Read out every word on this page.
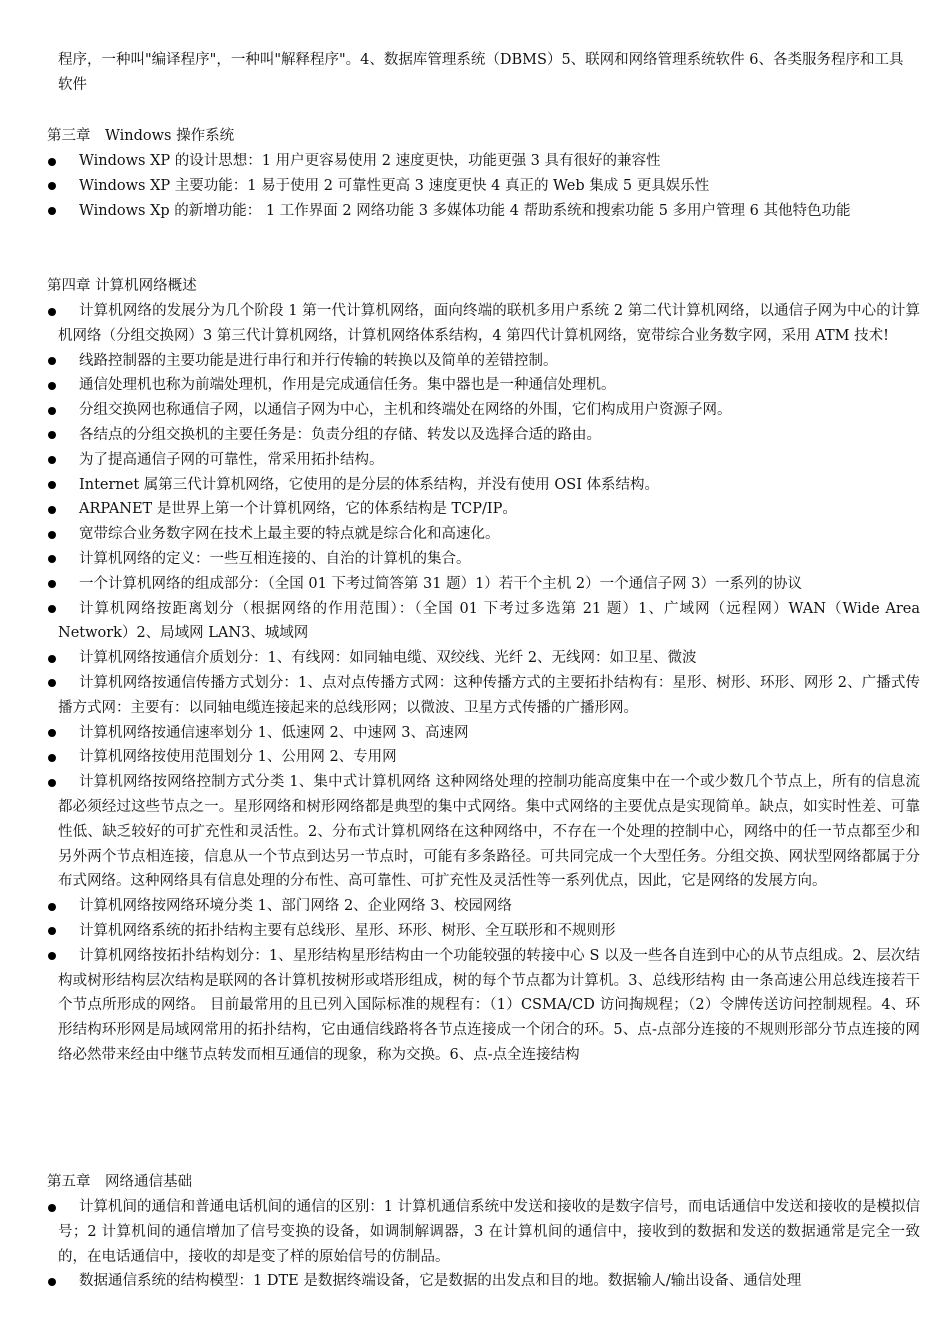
程序，一种叫"编译程序"，一种叫"解释程序"。4、数据库管理系统（DBMS）5、联网和网络管理系统软件 6、各类服务程序和工具软件

第三章　Windows 操作系统

Windows XP 的设计思想：1 用户更容易使用 2 速度更快，功能更强 3 具有很好的兼容性
Windows XP 主要功能：1 易于使用 2 可靠性更高 3 速度更快 4 真正的 Web 集成 5 更具娱乐性
Windows Xp 的新增功能： 1 工作界面 2 网络功能 3 多媒体功能 4 帮助系统和搜索功能 5 多用户管理 6 其他特色功能

第四章 计算机网络概述

计算机网络的发展分为几个阶段 1 第一代计算机网络，面向终端的联机多用户系统 2 第二代计算机网络，以通信子网为中心的计算机网络（分组交换网）3 第三代计算机网络，计算机网络体系结构，4 第四代计算机网络，宽带综合业务数字网，采用 ATM 技术!
线路控制器的主要功能是进行串行和并行传输的转换以及简单的差错控制。
通信处理机也称为前端处理机，作用是完成通信任务。集中器也是一种通信处理机。
分组交换网也称通信子网，以通信子网为中心，主机和终端处在网络的外围，它们构成用户资源子网。
各结点的分组交换机的主要任务是：负责分组的存储、转发以及选择合适的路由。
为了提高通信子网的可靠性，常采用拓扑结构。
Internet 属第三代计算机网络，它使用的是分层的体系结构，并没有使用 OSI 体系结构。
ARPANET 是世界上第一个计算机网络，它的体系结构是 TCP/IP。
宽带综合业务数字网在技术上最主要的特点就是综合化和高速化。
计算机网络的定义：一些互相连接的、自治的计算机的集合。
一个计算机网络的组成部分：（全国 01 下考过简答第 31 题）1）若干个主机 2）一个通信子网 3）一系列的协议
计算机网络按距离划分（根据网络的作用范围）：（全国 01 下考过多选第 21 题）1、广域网（远程网）WAN（Wide Area Network）2、局域网 LAN3、城域网
计算机网络按通信介质划分：1、有线网：如同轴电缆、双绞线、光纤 2、无线网：如卫星、微波
计算机网络按通信传播方式划分：1、点对点传播方式网：这种传播方式的主要拓扑结构有：星形、树形、环形、网形 2、广播式传播方式网：主要有：以同轴电缆连接起来的总线形网；以微波、卫星方式传播的广播形网。
计算机网络按通信速率划分 1、低速网 2、中速网 3、高速网
计算机网络按使用范围划分 1、公用网 2、专用网
计算机网络按网络控制方式分类 1、集中式计算机网络 这种网络处理的控制功能高度集中在一个或少数几个节点上，所有的信息流都必须经过这些节点之一。星形网络和树形网络都是典型的集中式网络。集中式网络的主要优点是实现简单。缺点，如实时性差、可靠性低、缺乏较好的可扩充性和灵活性。2、分布式计算机网络在这种网络中，不存在一个处理的控制中心，网络中的任一节点都至少和另外两个节点相连接，信息从一个节点到达另一节点时，可能有多条路径。可共同完成一个大型任务。分组交换、网状型网络都属于分布式网络。这种网络具有信息处理的分布性、高可靠性、可扩充性及灵活性等一系列优点，因此，它是网络的发展方向。
计算机网络按网络环境分类 1、部门网络 2、企业网络 3、校园网络
计算机网络系统的拓扑结构主要有总线形、星形、环形、树形、全互联形和不规则形
计算机网络按拓扑结构划分：1、星形结构星形结构由一个功能较强的转接中心 S 以及一些各自连到中心的从节点组成。2、层次结构或树形结构层次结构是联网的各计算机按树形或塔形组成，树的每个节点都为计算机。3、总线形结构 由一条高速公用总线连接若干个节点所形成的网络。 目前最常用的且已列入国际标准的规程有：（1）CSMA/CD 访问掏规程；（2）令牌传送访问控制规程。4、环形结构环形网是局域网常用的拓扑结构，它由通信线路将各节点连接成一个闭合的环。5、点-点部分连接的不规则形部分节点连接的网络必然带来经由中继节点转发而相互通信的现象，称为交换。6、点-点全连接结构

第五章　网络通信基础

计算机间的通信和普通电话机间的通信的区别：1 计算机通信系统中发送和接收的是数字信号，而电话通信中发送和接收的是模拟信号；2 计算机间的通信增加了信号变换的设备，如调制解调器，3 在计算机间的通信中，接收到的数据和发送的数据通常是完全一致的，在电话通信中，接收的却是变了样的原始信号的仿制品。
数据通信系统的结构模型：1 DTE 是数据终端设备，它是数据的出发点和目的地。数据输人/输出设备、通信处理
